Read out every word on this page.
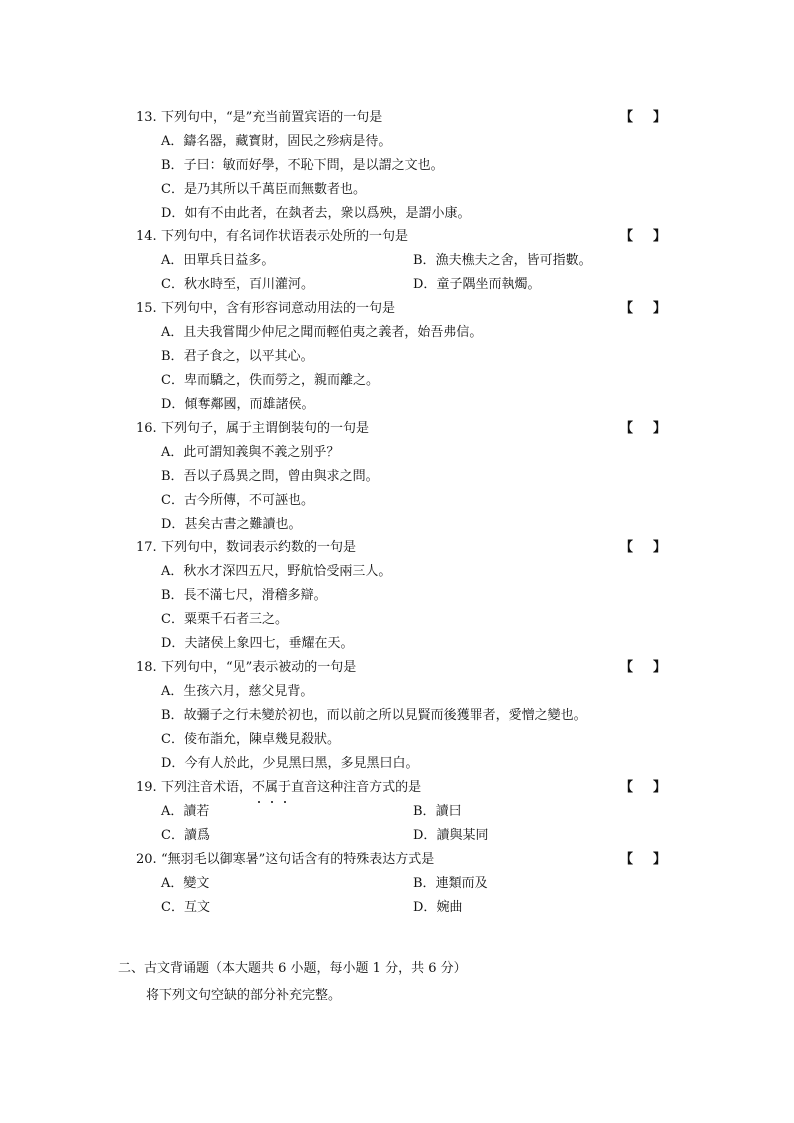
13. 下列句中，“是”充当前置宾语的一句是	【 】
A．鑄名器，藏寳財，固民之殄病是待。
B．子曰：敏而好學，不恥下問，是以謂之文也。
C．是乃其所以千萬臣而無數者也。
D．如有不由此者，在埶者去，衆以爲殃，是謂小康。
14. 下列句中，有名词作状语表示处所的一句是	【 】
A．田單兵日益多。	B．漁夫樵夫之舍，皆可指數。
C．秋水時至，百川灌河。	D．童子隅坐而執燭。
15. 下列句中，含有形容词意动用法的一句是	【 】
A．且夫我嘗聞少仲尼之聞而輕伯夷之義者，始吾弗信。
B．君子食之，以平其心。
C．卑而驕之，佚而勞之，親而離之。
D．傾奪鄰國，而雄諸侯。
16. 下列句子，属于主谓倒装句的一句是	【 】
A．此可謂知義與不義之别乎？
B．吾以子爲異之問，曾由與求之問。
C．古今所傳，不可誣也。
D．甚矣古書之難讀也。
17. 下列句中，数词表示约数的一句是	【 】
A．秋水才深四五尺，野航恰受兩三人。
B．長不滿七尺，滑稽多辯。
C．粟栗千石者三之。
D．夫諸侯上象四七，垂耀在天。
18. 下列句中，“见”表示被动的一句是	【 】
A．生孩六月，慈父見背。
B．故彌子之行未變於初也，而以前之所以見賢而後獲罪者，愛憎之變也。
C．倰布詣允，陳卓幾見殺狀。
D．今有人於此，少見黑曰黑，多見黑曰白。
19. 下列注音术语，不属于直音这种注音方式的是	【 】
A．讀若	B．讀曰
C．讀爲	D．讀與某同
20. “無羽毛以御寒暑”这句话含有的特殊表达方式是	【 】
A．變文	B．連類而及
C．互文	D．婉曲
二、古文背诵题（本大题共 6 小题，每小题 1 分，共 6 分）
将下列文句空缺的部分补充完整。
